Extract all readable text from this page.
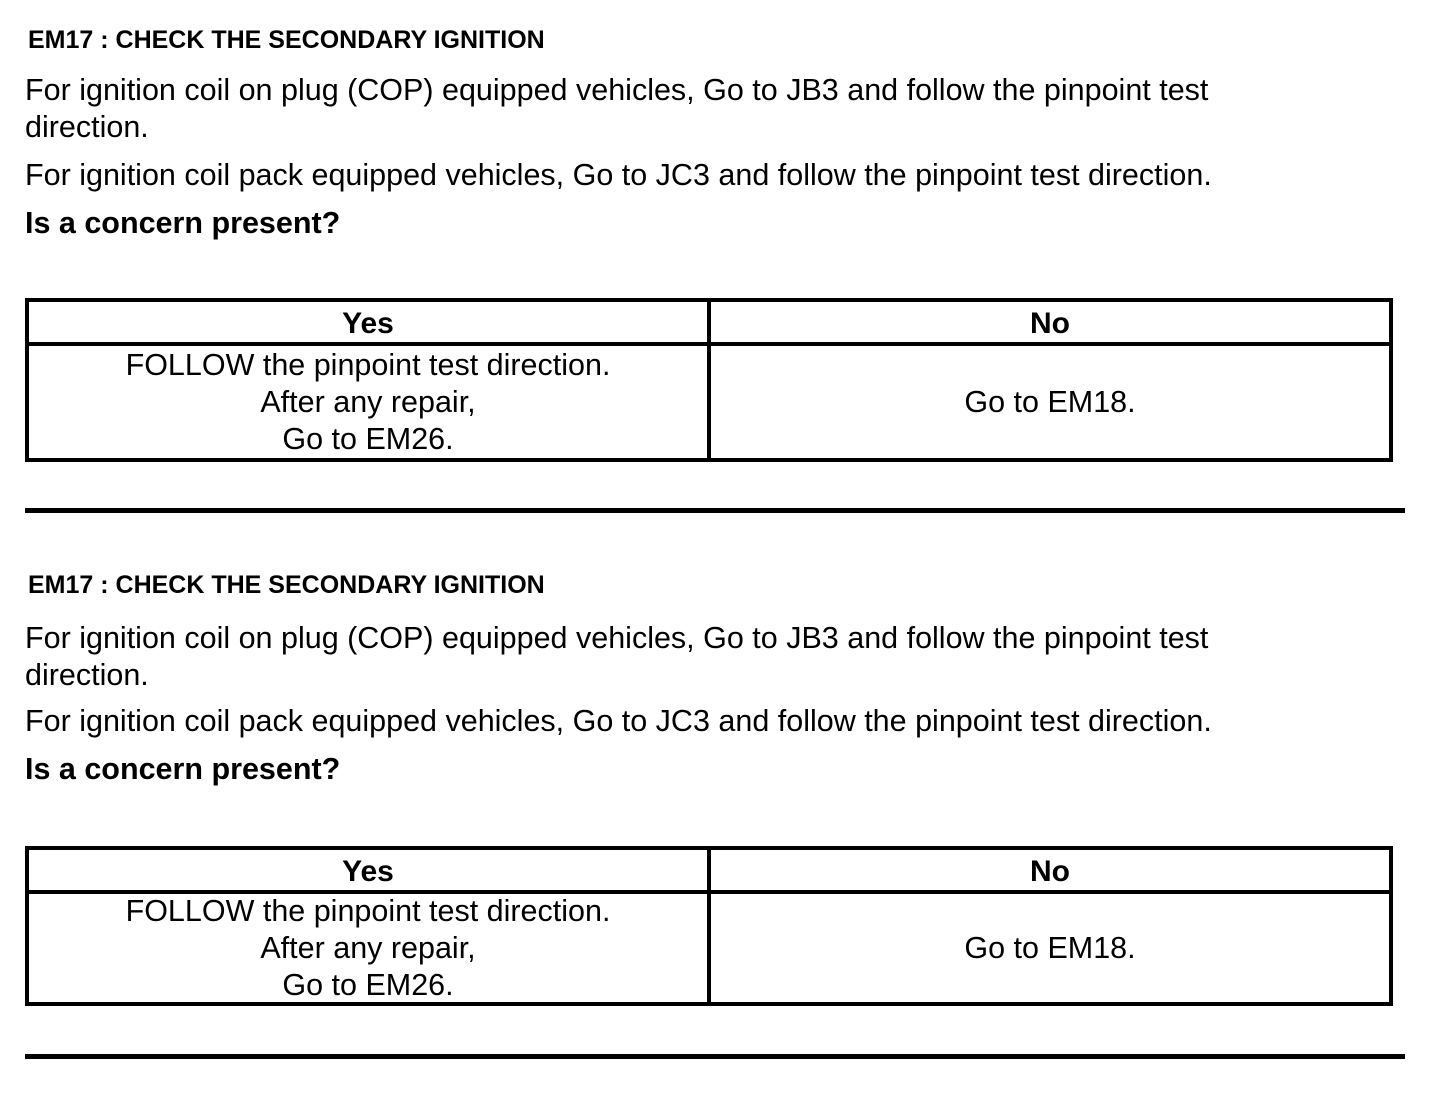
EM17 : CHECK THE SECONDARY IGNITION
For ignition coil on plug (COP) equipped vehicles, Go to JB3 and follow the pinpoint test
direction.
For ignition coil pack equipped vehicles, Go to JC3 and follow the pinpoint test direction.
Is a concern present?
Yes	No
FOLLOW the pinpoint test direction.
After any repair,
Go to EM26.
Go to EM18.
EM17 : CHECK THE SECONDARY IGNITION
For ignition coil on plug (COP) equipped vehicles, Go to JB3 and follow the pinpoint test
direction.
For ignition coil pack equipped vehicles, Go to JC3 and follow the pinpoint test direction.
Is a concern present?
Yes	No
FOLLOW the pinpoint test direction.
After any repair,
Go to EM26.
Go to EM18.
